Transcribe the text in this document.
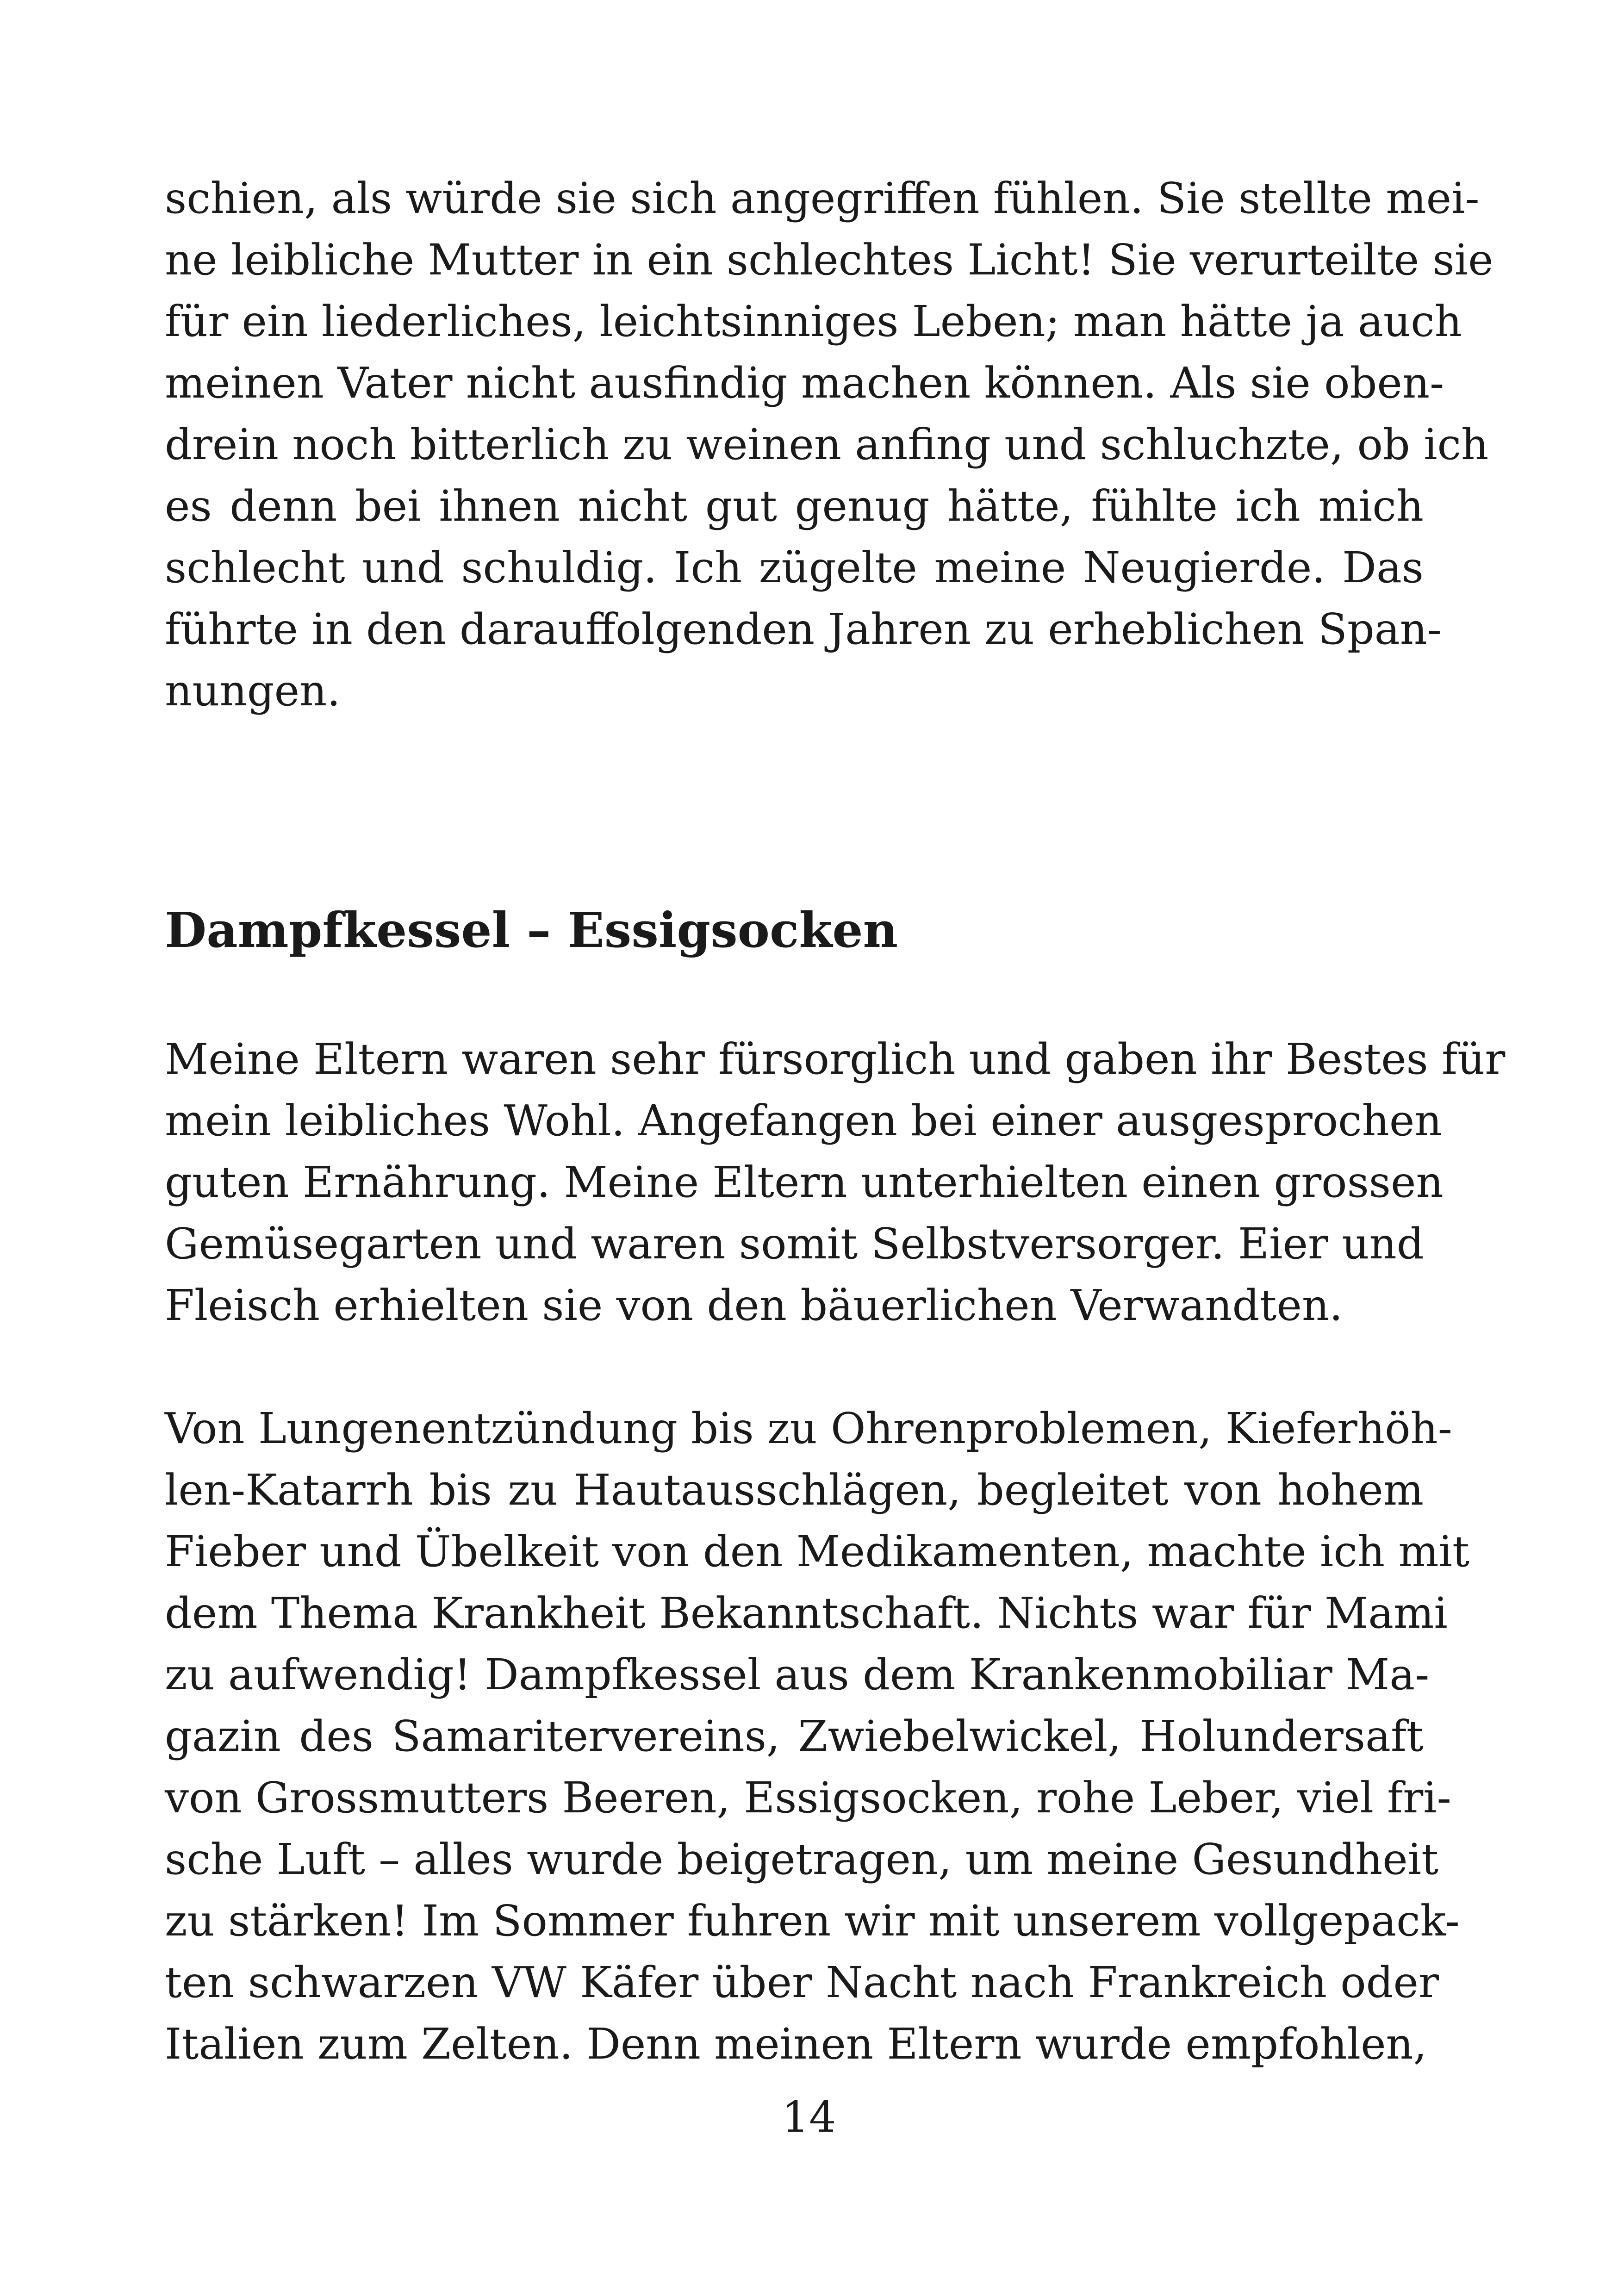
schien, als würde sie sich angegriffen fühlen. Sie stellte mei-
ne leibliche Mutter in ein schlechtes Licht! Sie verurteilte sie
für ein liederliches, leichtsinniges Leben; man hätte ja auch
meinen Vater nicht ausfindig machen können. Als sie oben-
drein noch bitterlich zu weinen anfing und schluchzte, ob ich
es denn bei ihnen nicht gut genug hätte, fühlte ich mich
schlecht und schuldig. Ich zügelte meine Neugierde. Das
führte in den darauffolgenden Jahren zu erheblichen Span-
nungen.
Dampfkessel – Essigsocken
Meine Eltern waren sehr fürsorglich und gaben ihr Bestes für
mein leibliches Wohl. Angefangen bei einer ausgesprochen
guten Ernährung. Meine Eltern unterhielten einen grossen
Gemüsegarten und waren somit Selbstversorger. Eier und
Fleisch erhielten sie von den bäuerlichen Verwandten.
Von Lungenentzündung bis zu Ohrenproblemen, Kieferhöh-
len-Katarrh bis zu Hautausschlägen, begleitet von hohem
Fieber und Übelkeit von den Medikamenten, machte ich mit
dem Thema Krankheit Bekanntschaft. Nichts war für Mami
zu aufwendig! Dampfkessel aus dem Krankenmobiliar Ma-
gazin des Samaritervereins, Zwiebelwickel, Holundersaft
von Grossmutters Beeren, Essigsocken, rohe Leber, viel fri-
sche Luft – alles wurde beigetragen, um meine Gesundheit
zu stärken! Im Sommer fuhren wir mit unserem vollgepack-
ten schwarzen VW Käfer über Nacht nach Frankreich oder
Italien zum Zelten. Denn meinen Eltern wurde empfohlen,
14
